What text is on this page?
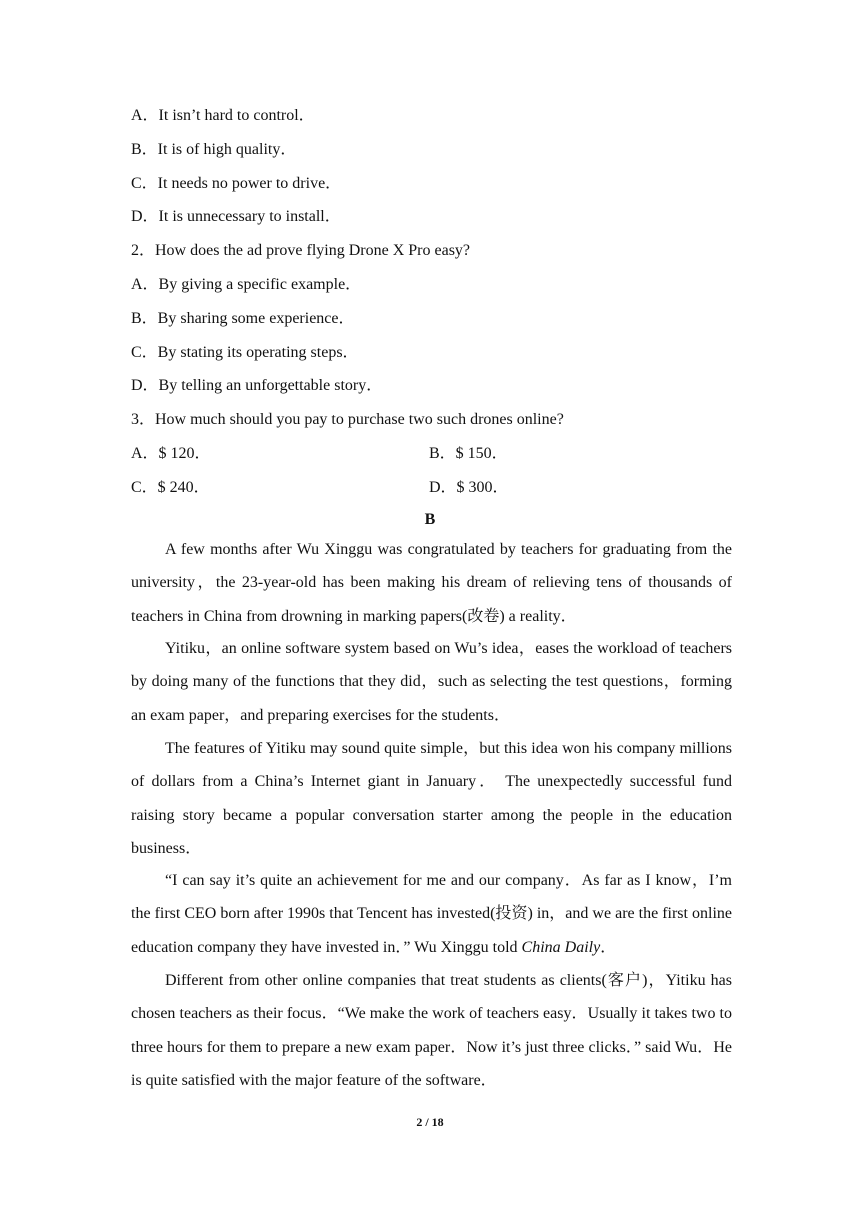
A．It isn’t hard to control．
B．It is of high quality．
C．It needs no power to drive．
D．It is unnecessary to install．
2．How does the ad prove flying Drone X Pro easy?
A．By giving a specific example．
B．By sharing some experience．
C．By stating its operating steps．
D．By telling an unforgettable story．
3．How much should you pay to purchase two such drones online?
A．$ 120．	B．$ 150．
C．$ 240．	D．$ 300．
B

A few months after Wu Xinggu was congratulated by teachers for graduating from the university，the 23-year-old has been making his dream of relieving tens of thousands of teachers in China from drowning in marking papers(改卷) a reality．

Yitiku，an online software system based on Wu’s idea，eases the workload of teachers by doing many of the functions that they did，such as selecting the test questions，forming an exam paper，and preparing exercises for the students．

The features of Yitiku may sound quite simple，but this idea won his company millions of dollars from a China’s Internet giant in January． The unexpectedly successful fund raising story became a popular conversation starter among the people in the education business．

“I can say it’s quite an achievement for me and our company．As far as I know，I’m the first CEO born after 1990s that Tencent has invested(投资) in，and we are the first online education company they have invested in．” Wu Xinggu told China Daily．

Different from other online companies that treat students as clients(客户)，Yitiku has chosen teachers as their focus．“We make the work of teachers easy．Usually it takes two to three hours for them to prepare a new exam paper．Now it’s just three clicks．” said Wu．He is quite satisfied with the major feature of the software．

2 / 18
